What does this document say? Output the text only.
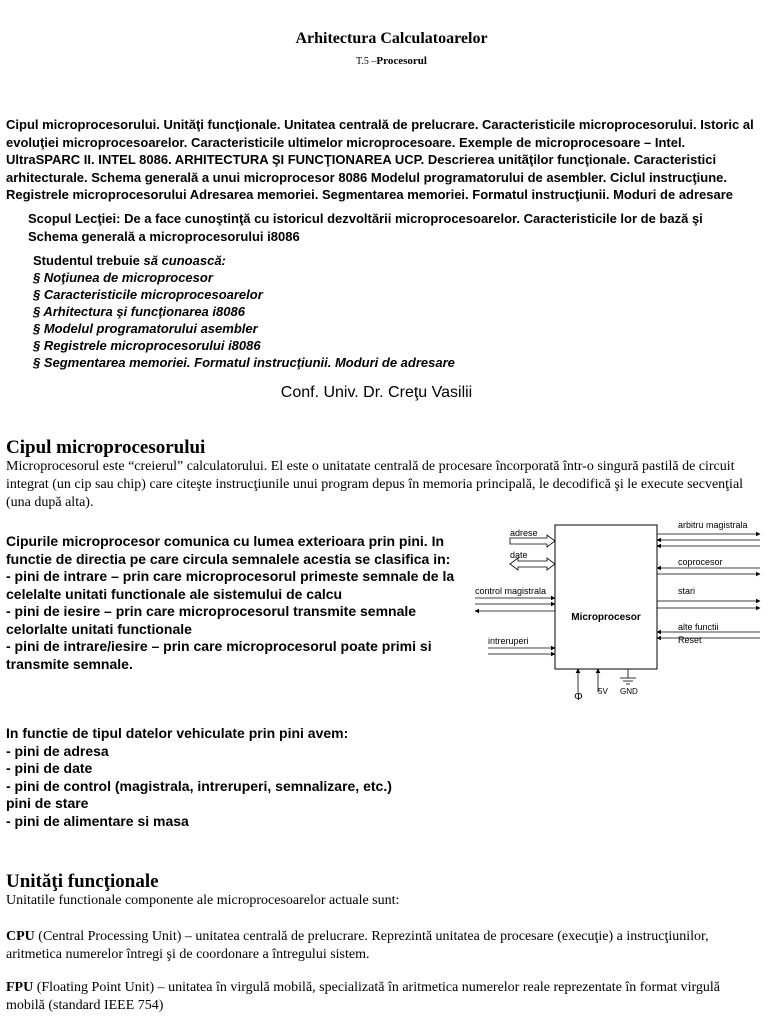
Arhitectura Calculatoarelor
T.5 –Procesorul
Cipul microprocesorului. Unităţi funcţionale. Unitatea centrală de prelucrare. Caracteristicile microprocesorului. Istoric al evoluţiei microprocesoarelor. Caracteristicile ultimelor microprocesoare. Exemple de microprocesoare – Intel. UltraSPARC II. INTEL 8086. ARHITECTURA ŞI FUNCŢIONAREA UCP. Descrierea unitãţilor funcţionale. Caracteristici arhitecturale. Schema generală a unui microprocesor 8086 Modelul programatorului de asembler. Ciclul instrucţiune. Registrele microprocesorului Adresarea memoriei. Segmentarea memoriei. Formatul instrucţiunii. Moduri de adresare
Scopul Lecţiei: De a face cunoştinţă cu istoricul dezvoltării microprocesoarelor. Caracteristicile lor de bază şi Schema generală a microprocesorului i8086
Studentul trebuie să cunoască:
§ Noţiunea de microprocesor
§ Caracteristicile microprocesoarelor
§ Arhitectura şi funcţionarea i8086
§ Modelul programatorului asembler
§ Registrele microprocesorului i8086
§ Segmentarea memoriei. Formatul instrucţiunii. Moduri de adresare
Conf. Univ. Dr. Creţu Vasilii
Cipul microprocesorului
Microprocesorul este “creierul” calculatorului. El este o unitatate centrală de procesare încorporată într-o singură pastilă de circuit integrat (un cip sau chip) care citeşte instrucţiunile unui program depus în memoria principală, le decodifică şi le execute secvenţial (una după alta).

Cipurile microprocesor comunica cu lumea exterioara prin pini. In functie de directia pe care circula semnalele acestia se clasifica in:

- pini de intrare – prin care microprocesorul primeste semnale de la celelalte unitati functionale ale sistemului de calcu

- pini de iesire – prin care microprocesorul transmite semnale celorlalte unitati functionale

- pini de intrare/iesire – prin care microprocesorul poate primi si transmite semnale.

In functie de tipul datelor vehiculate prin pini avem:

- pini de adresa

- pini de date

- pini de control (magistrala, intreruperi, semnalizare, etc.)

pini de stare

- pini de alimentare si masa

Microprocesor
adrese
date
control magistrala
intreruperi
arbitru magistrala
coprocesor
stari
alte functii
Reset
Φ 5V GND
Unităţi funcţionale
Unitatile functionale componente ale microprocesoarelor actuale sunt:
CPU (Central Processing Unit) – unitatea centrală de prelucrare. Reprezintă unitatea de procesare (execuţie) a instrucţiunilor, aritmetica numerelor întregi şi de coordonare a întregului sistem.
FPU (Floating Point Unit) – unitatea în virgulă mobilă, specializată în aritmetica numerelor reale reprezentate în format virgulă mobilă (standard IEEE 754)
